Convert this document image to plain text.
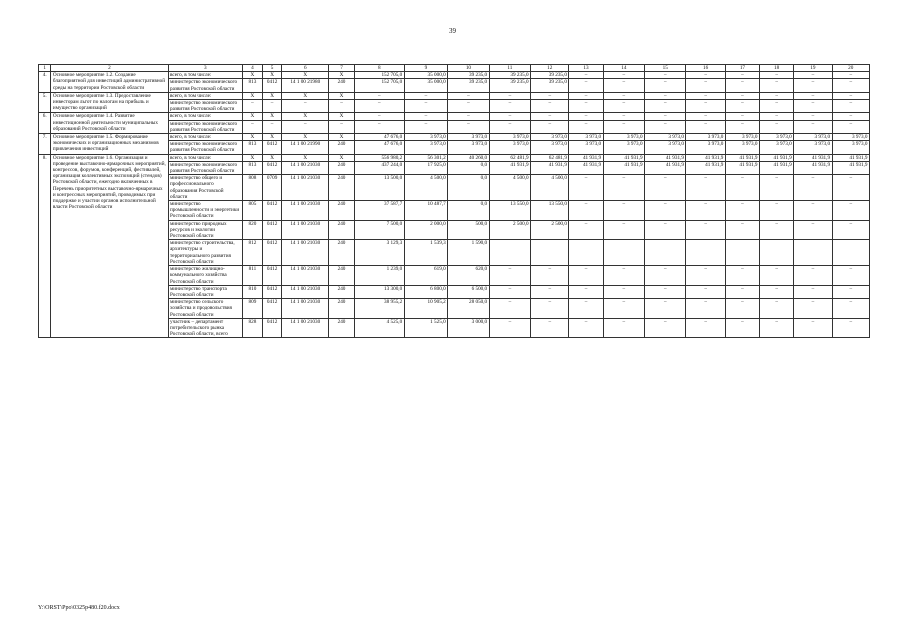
39
1	2	3	4	5	6	7	8	9	10	11	12	13	14	15	16	17	18	19	20
4.	Основное мероприятие 1.2. Создание благоприятной для инвестиций административной среды на территории Ростовской области	всего, в том числе:	Х	Х	Х	Х	152 705,0	35 000,0	39 235,0	39 235,0	39 235,0	–	–	–	–	–	–	–	–
		министерство экономического развития Ростовской области	813	0412	14 1 00 21980	240	152 705,0	35 000,0	39 235,0	39 235,0	39 235,0	–	–	–	–	–	–	–	–
5.	Основное мероприятие 1.3. Предоставление инвесторам льгот по налогам на прибыль и имущество организаций	всего, в том числе:	Х	Х	Х	Х	–	–	–	–	–	–	–	–	–	–	–	–	–
		министерство экономического развития Ростовской области	–	–	–	–	–	–	–	–	–	–	–	–	–	–	–	–	–
6.	Основное мероприятие 1.4. Развитие инвестиционной деятельности муниципальных образований Ростовской области	всего, в том числе:	Х	Х	Х	Х	–	–	–	–	–	–	–	–	–	–	–	–	–
		министерство экономического развития Ростовской области	–	–	–	–	–	–	–	–	–	–	–	–	–	–	–	–	–
7.	Основное мероприятие 1.5. Формирование экономических и организационных механизмов привлечения инвестиций	всего, в том числе:	Х	Х	Х	Х	47 676,0	3 973,0	3 973,0	3 973,0	3 973,0	3 973,0	3 973,0	3 973,0	3 973,0	3 973,0	3 973,0	3 973,0	3 973,0
		министерство экономического развития Ростовской области	813	0412	14 1 00 21990	240	47 676,0	3 973,0	3 973,0	3 973,0	3 973,0	3 973,0	3 973,0	3 973,0	3 973,0	3 973,0	3 973,0	3 973,0	3 973,0
8.	Основное мероприятие 1.6. Организация и проведение выставочно-ярмарочных мероприятий, конгрессов, форумов, конференций, фестивалей, организация коллективных экспозиций (стендов) Ростовской области, ежегодно включенных в Перечень приоритетных выставочно-ярмарочных и конгрессных мероприятий, проводимых при поддержке и участии органов исполнительной власти Ростовской области	всего, в том числе:	Х	Х	Х	Х	556 980,2	56 301,2	40 260,0	62 481,9	62 481,9	41 931,9	41 931,9	41 931,9	41 931,9	41 931,9	41 931,9	41 931,9	41 931,9
		министерство экономического развития Ростовской области	813	0412	14 1 00 21030	240	437 244,0	17 925,0	0,0	41 931,9	41 931,9	41 931,9	41 931,9	41 931,9	41 931,9	41 931,9	41 931,9	41 931,9	41 931,9
		министерство общего и профессионального образования Ростовской области	808	0709	14 1 00 21030	240	13 500,0	4 500,0	0,0	4 500,0	4 500,0	–	–	–	–	–	–	–	–
		министерство промышленности и энергетики Ростовской области	805	0412	14 1 00 21030	240	37 587,7	10 487,7	0,0	13 550,0	13 550,0	–	–	–	–	–	–	–	–
		министерство природных ресурсов и экологии Ростовской области	820	0412	14 1 00 21030	240	7 500,0	2 000,0	500,0	2 500,0	2 500,0	–	–	–	–	–	–	–	–
		министерство строительства, архитектуры и территориального развития Ростовской области	812	0412	14 1 00 21030	240	3 129,3	1 539,3	1 590,0										
		министерство жилищно-коммунального хозяйства Ростовской области	811	0412	14 1 00 21030	240	1 239,0	619,0	620,0	–	–	–	–	–	–	–	–	–	–
		министерство транспорта Ростовской области	810	0412	14 1 00 21030	240	13 300,0	6 800,0	6 500,0	–	–	–	–	–	–	–	–	–	–
		министерство сельского хозяйства и продовольствия Ростовской области	809	0412	14 1 00 21030	240	38 955,2	10 905,2	28 050,0	–	–	–	–	–	–	–	–	–	–
		участник – департамент потребительского рынка Ростовской области, всего	828	0412	14 1 00 21030	240	4 525,0	1 525,0	3 000,0	–	–	–	–	–	–	–	–	–	–
Y:\ORST\Ppo\0325p480.f20.docx
